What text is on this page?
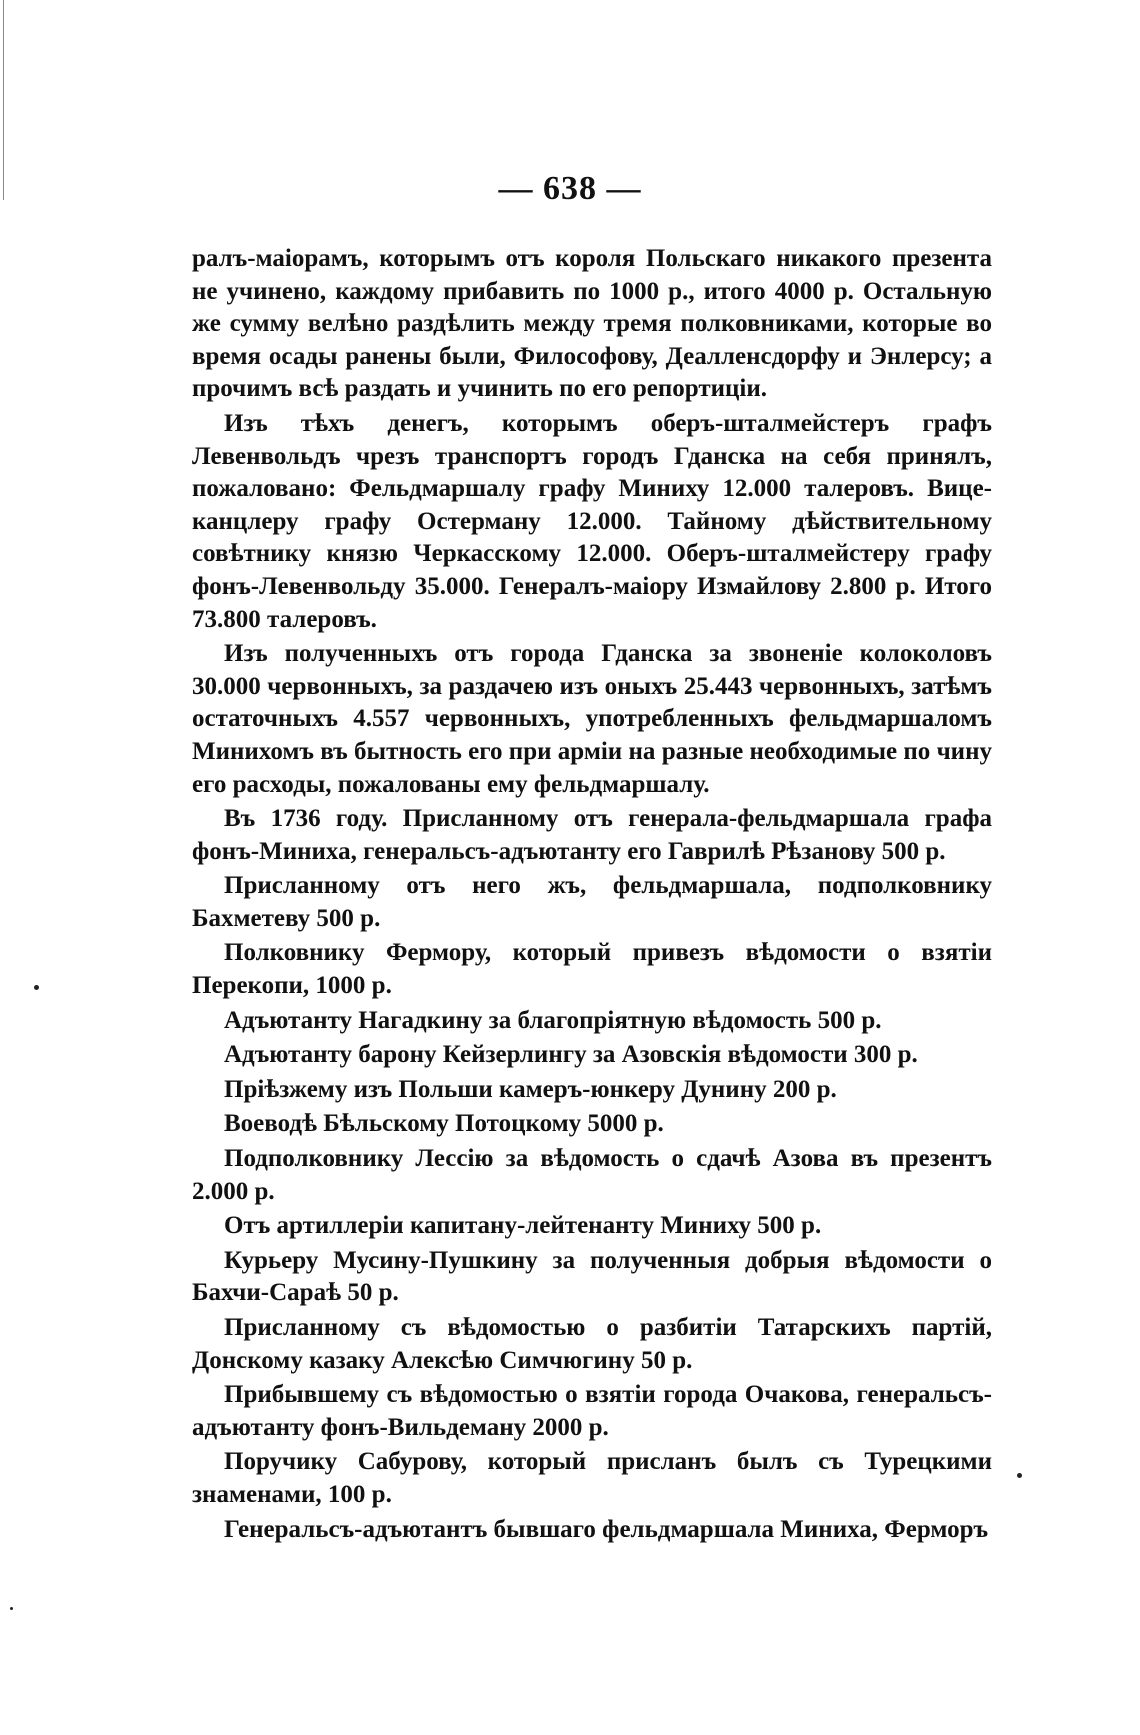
— 638 —

ралъ-маiорамъ, которымъ отъ короля Польскаго никакого презента не учинено, каждому прибавить по 1000 р., итого 4000 р. Остальную же сумму велѣно раздѣлить между тремя полковниками, которые во время осады ранены были, Философову, Деалленсдорфу и Энлерсу; а прочимъ всѣ раздать и учинить по его репортицiи.

Изъ тѣхъ денегъ, которымъ оберъ-шталмейстеръ графъ Левенвольдъ чрезъ транспортъ городъ Гданска на себя принялъ, пожаловано: Фельдмаршалу графу Миниху 12.000 талеровъ. Вице-канцлеру графу Остерману 12.000. Тайному дѣйствительному совѣтнику князю Черкасскому 12.000. Оберъ-шталмейстеру графу фонъ-Левенвольду 35.000. Генералъ-маiору Измайлову 2.800 р. Итого 73.800 талеровъ.

Изъ полученныхъ отъ города Гданска за звоненiе колоколовъ 30.000 червонныхъ, за раздачею изъ оныхъ 25.443 червонныхъ, затѣмъ остаточныхъ 4.557 червонныхъ, употребленныхъ фельдмаршаломъ Минихомъ въ бытность его при армiи на разные необходимые по чину его расходы, пожалованы ему фельдмаршалу.

Въ 1736 году. Присланному отъ генерала-фельдмаршала графа фонъ-Миниха, генеральсъ-адъютанту его Гаврилѣ Рѣзанову 500 р.

Присланному отъ него жъ, фельдмаршала, подполковнику Бахметеву 500 р.

Полковнику Фермору, который привезъ вѣдомости о взятiи Перекопи, 1000 р.

Адъютанту Нагадкину за благопрiятную вѣдомость 500 р.

Адъютанту барону Кейзерлингу за Азовскiя вѣдомости 300 р.

Прiѣзжему изъ Польши камеръ-юнкеру Дунину 200 р.

Воеводѣ Бѣльскому Потоцкому 5000 р.

Подполковнику Лессiю за вѣдомость о сдачѣ Азова въ презентъ 2.000 р.

Отъ артиллерiи капитану-лейтенанту Миниху 500 р.

Курьеру Мусину-Пушкину за полученныя добрыя вѣдомости о Бахчи-Сараѣ 50 р.

Присланному съ вѣдомостью о разбитiи Татарскихъ партiй, Донскому казаку Алексѣю Симчюгину 50 р.

Прибывшему съ вѣдомостью о взятiи города Очакова, генеральсъ-адъютанту фонъ-Вильдеману 2000 р.

Поручику Сабурову, который присланъ былъ съ Турецкими знаменами, 100 р.

Генеральсъ-адъютантъ бывшаго фельдмаршала Миниха, Ферморъ
